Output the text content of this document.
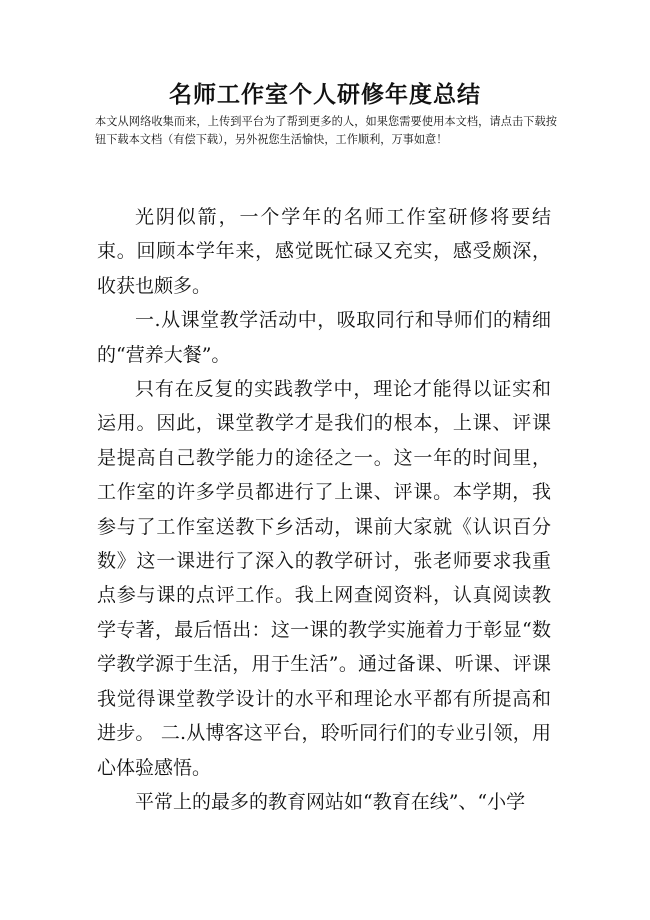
名师工作室个人研修年度总结
本文从网络收集而来，上传到平台为了帮到更多的人，如果您需要使用本文档，请点击下载按钮下载本文档（有偿下载），另外祝您生活愉快，工作顺利，万事如意！

光阴似箭，一个学年的名师工作室研修将要结束。回顾本学年来，感觉既忙碌又充实，感受颇深，收获也颇多。

一.从课堂教学活动中，吸取同行和导师们的精细的“营养大餐”。

只有在反复的实践教学中，理论才能得以证实和运用。因此，课堂教学才是我们的根本，上课、评课是提高自己教学能力的途径之一。这一年的时间里，工作室的许多学员都进行了上课、评课。本学期，我参与了工作室送教下乡活动，课前大家就《认识百分数》这一课进行了深入的教学研讨，张老师要求我重点参与课的点评工作。我上网查阅资料，认真阅读教学专著，最后悟出：这一课的教学实施着力于彰显“数学教学源于生活，用于生活”。通过备课、听课、评课我觉得课堂教学设计的水平和理论水平都有所提高和进步。 二.从博客这平台，聆听同行们的专业引领，用心体验感悟。

平常上的最多的教育网站如“教育在线”、“小学
